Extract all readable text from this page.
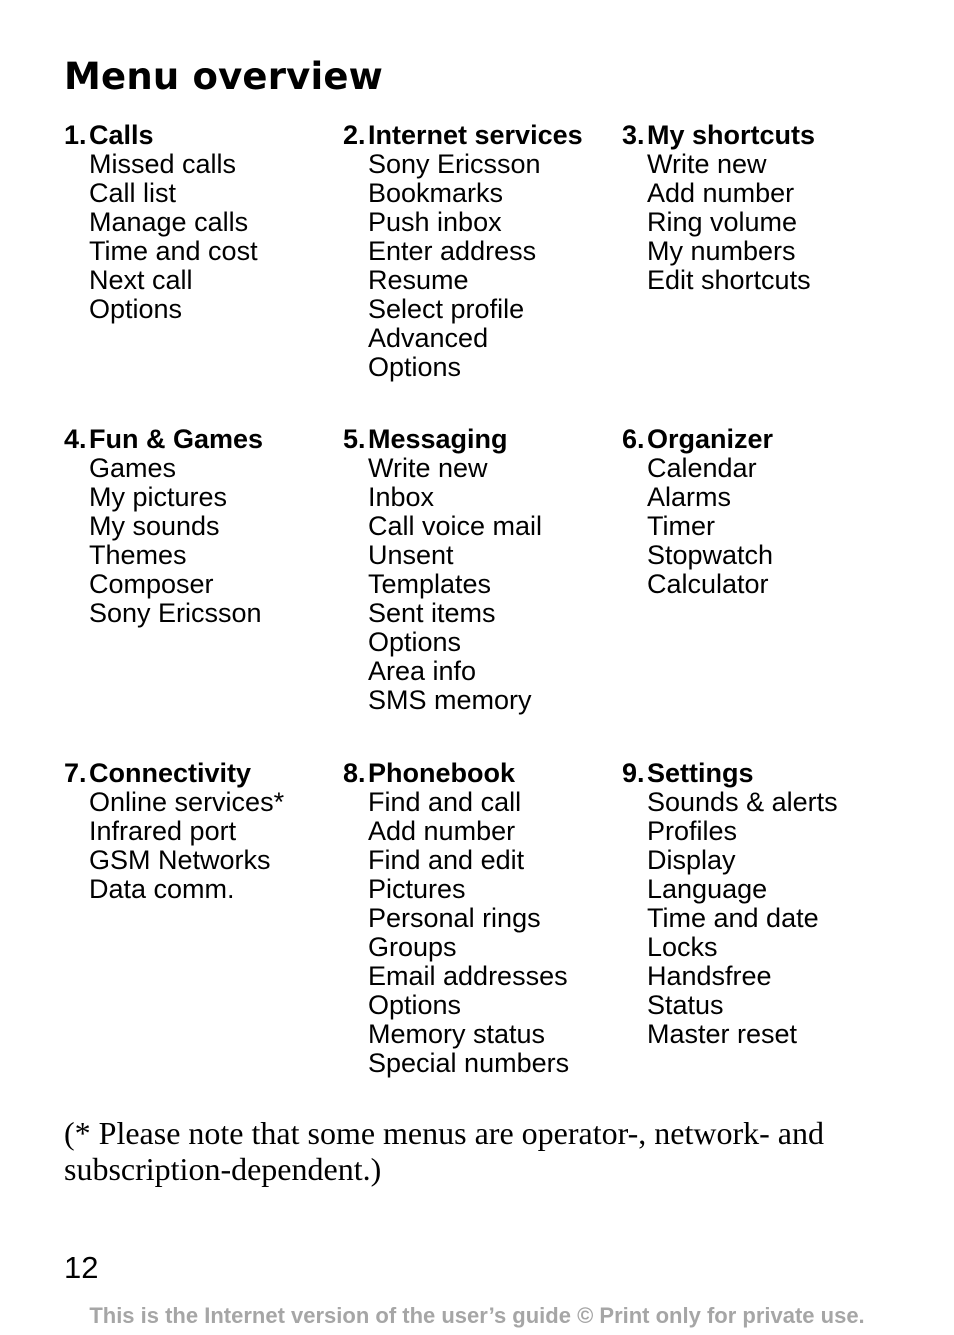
Menu overview
1. Calls
Missed calls
Call list
Manage calls
Time and cost
Next call
Options
2. Internet services
Sony Ericsson
Bookmarks
Push inbox
Enter address
Resume
Select profile
Advanced
Options
3. My shortcuts
Write new
Add number
Ring volume
My numbers
Edit shortcuts
4. Fun & Games
Games
My pictures
My sounds
Themes
Composer
Sony Ericsson
5. Messaging
Write new
Inbox
Call voice mail
Unsent
Templates
Sent items
Options
Area info
SMS memory
6. Organizer
Calendar
Alarms
Timer
Stopwatch
Calculator
7. Connectivity
Online services*
Infrared port
GSM Networks
Data comm.
8. Phonebook
Find and call
Add number
Find and edit
Pictures
Personal rings
Groups
Email addresses
Options
Memory status
Special numbers
9. Settings
Sounds & alerts
Profiles
Display
Language
Time and date
Locks
Handsfree
Status
Master reset

(* Please note that some menus are operator-, network- and subscription-dependent.)

12
This is the Internet version of the user’s guide © Print only for private use.
